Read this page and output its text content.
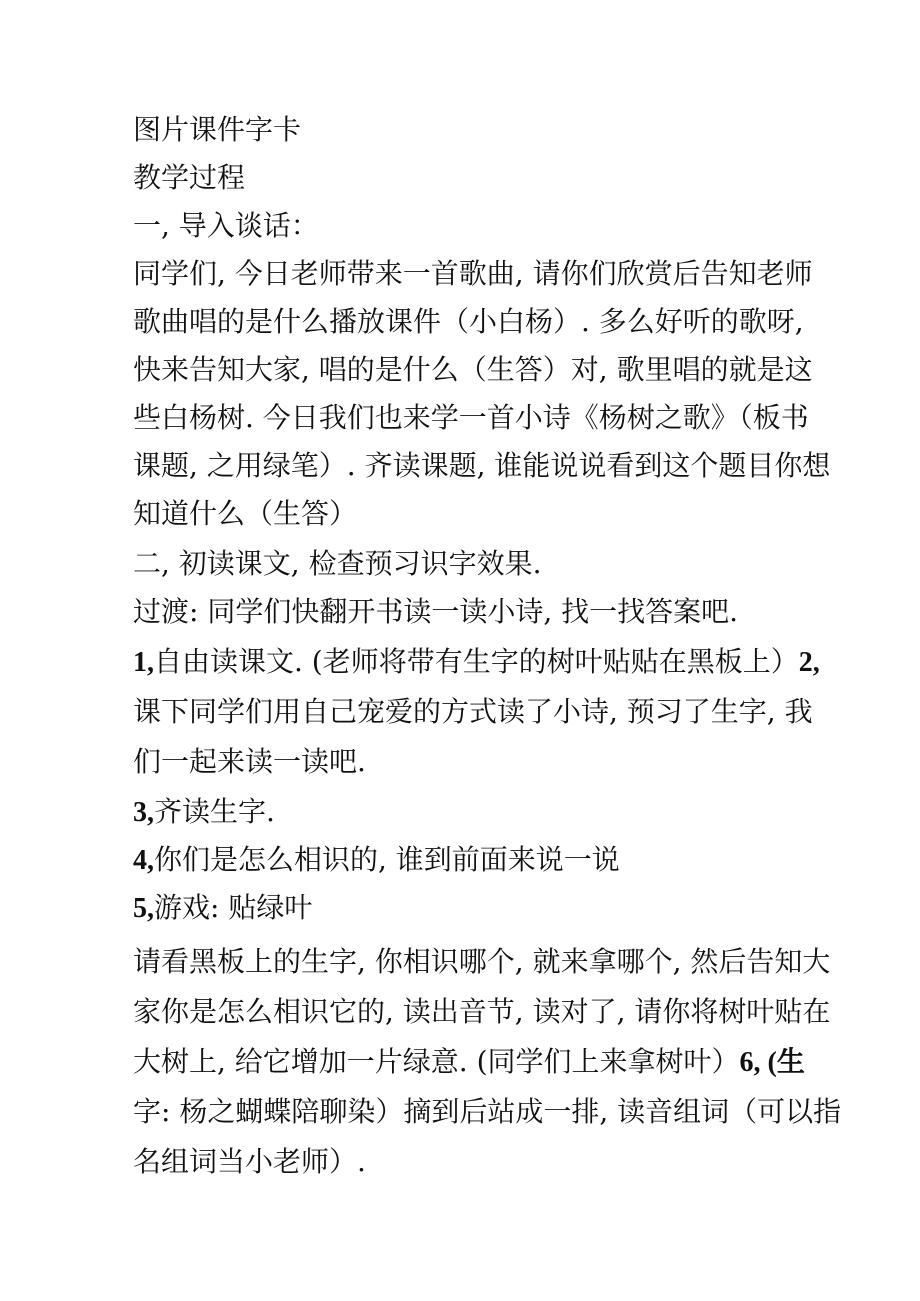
图片课件字卡
教学过程
一, 导入谈话：
同学们, 今日老师带来一首歌曲, 请你们欣赏后告知老师
歌曲唱的是什么播放课件（小白杨）. 多么好听的歌呀,
快来告知大家, 唱的是什么（生答）对, 歌里唱的就是这
些白杨树. 今日我们也来学一首小诗《杨树之歌》（板书
课题, 之用绿笔）. 齐读课题, 谁能说说看到这个题目你想
知道什么（生答）
二, 初读课文, 检查预习识字效果.
过渡: 同学们快翻开书读一读小诗, 找一找答案吧.
1,自由读课文. (老师将带有生字的树叶贴贴在黑板上）2,
课下同学们用自己宠爱的方式读了小诗, 预习了生字, 我
们一起来读一读吧.
3,齐读生字.
4,你们是怎么相识的, 谁到前面来说一说
5,游戏: 贴绿叶
请看黑板上的生字, 你相识哪个, 就来拿哪个, 然后告知大
家你是怎么相识它的, 读出音节, 读对了, 请你将树叶贴在
大树上, 给它增加一片绿意. (同学们上来拿树叶）6, (生
字: 杨之蝴蝶陪聊染）摘到后站成一排, 读音组词（可以指
名组词当小老师）.
